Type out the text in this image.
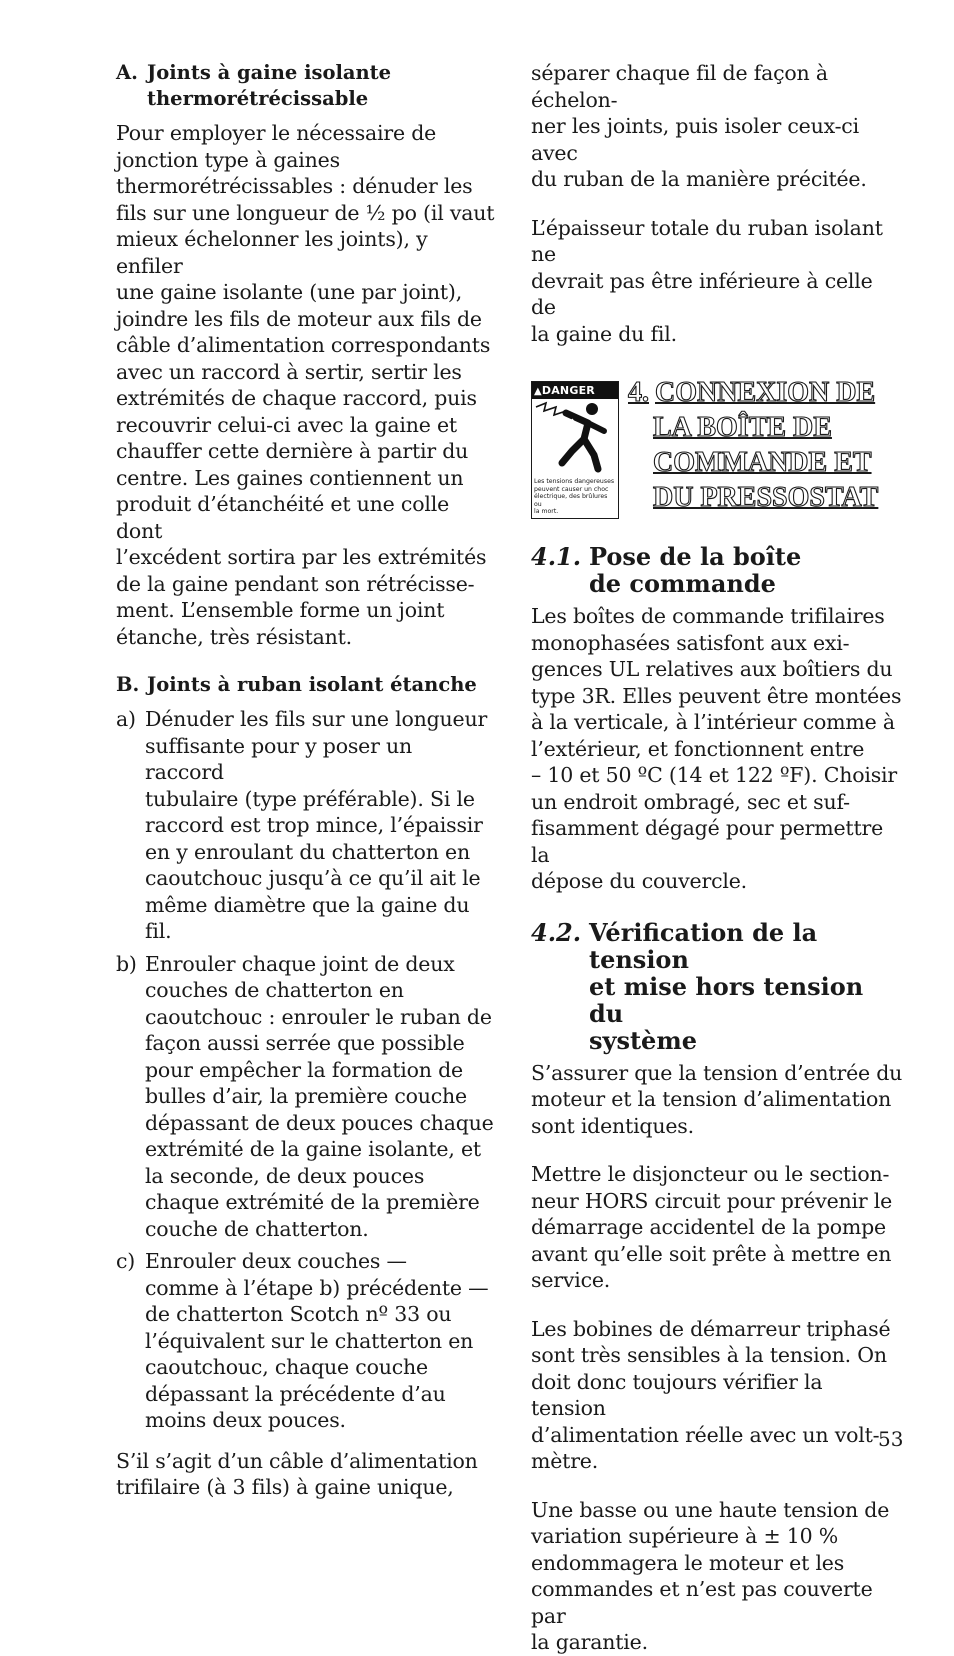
A. Joints à gaine isolante
thermorétrécissable

Pour employer le nécessaire de
jonction type à gaines
thermorétrécissables : dénuder les
fils sur une longueur de ½ po (il vaut
mieux échelonner les joints), y enfiler
une gaine isolante (une par joint),
joindre les fils de moteur aux fils de
câble d’alimentation correspondants
avec un raccord à sertir, sertir les
extrémités de chaque raccord, puis
recouvrir celui-ci avec la gaine et
chauffer cette dernière à partir du
centre. Les gaines contiennent un
produit d’étanchéité et une colle dont
l’excédent sortira par les extrémités
de la gaine pendant son rétrécisse-
ment. L’ensemble forme un joint
étanche, très résistant.

B. Joints à ruban isolant étanche
a) Dénuder les fils sur une longueur
suffisante pour y poser un raccord
tubulaire (type préférable). Si le
raccord est trop mince, l’épaissir
en y enroulant du chatterton en
caoutchouc jusqu’à ce qu’il ait le
même diamètre que la gaine du fil.
b) Enrouler chaque joint de deux
couches de chatterton en
caoutchouc : enrouler le ruban de
façon aussi serrée que possible
pour empêcher la formation de
bulles d’air, la première couche
dépassant de deux pouces chaque
extrémité de la gaine isolante, et
la seconde, de deux pouces
chaque extrémité de la première
couche de chatterton.
c) Enrouler deux couches —
comme à l’étape b) précédente —
de chatterton Scotch nº 33 ou
l’équivalent sur le chatterton en
caoutchouc, chaque couche
dépassant la précédente d’au
moins deux pouces.

S’il s’agit d’un câble d’alimentation
trifilaire (à 3 fils) à gaine unique,

séparer chaque fil de façon à échelon-
ner les joints, puis isoler ceux-ci avec
du ruban de la manière précitée.

L’épaisseur totale du ruban isolant ne
devrait pas être inférieure à celle de
la gaine du fil.

▲DANGER
Les tensions dangereuses
peuvent causer un choc
électrique, des brûlures ou
la mort.
4. CONNEXION DE
LA BOÎTE DE
COMMANDE ET
DU PRESSOSTAT
4.1. Pose de la boîte
de commande

Les boîtes de commande trifilaires
monophasées satisfont aux exi-
gences UL relatives aux boîtiers du
type 3R. Elles peuvent être montées
à la verticale, à l’intérieur comme à
l’extérieur, et fonctionnent entre
– 10 et 50 ºC (14 et 122 ºF). Choisir
un endroit ombragé, sec et suf-
fisamment dégagé pour permettre la
dépose du couvercle.

4.2. Vérification de la tension
et mise hors tension du
système

S’assurer que la tension d’entrée du
moteur et la tension d’alimentation
sont identiques.

Mettre le disjoncteur ou le section-
neur HORS circuit pour prévenir le
démarrage accidentel de la pompe
avant qu’elle soit prête à mettre en
service.

Les bobines de démarreur triphasé
sont très sensibles à la tension. On
doit donc toujours vérifier la tension
d’alimentation réelle avec un volt-
mètre.

Une basse ou une haute tension de
variation supérieure à ± 10 %
endommagera le moteur et les
commandes et n’est pas couverte par
la garantie.

53
